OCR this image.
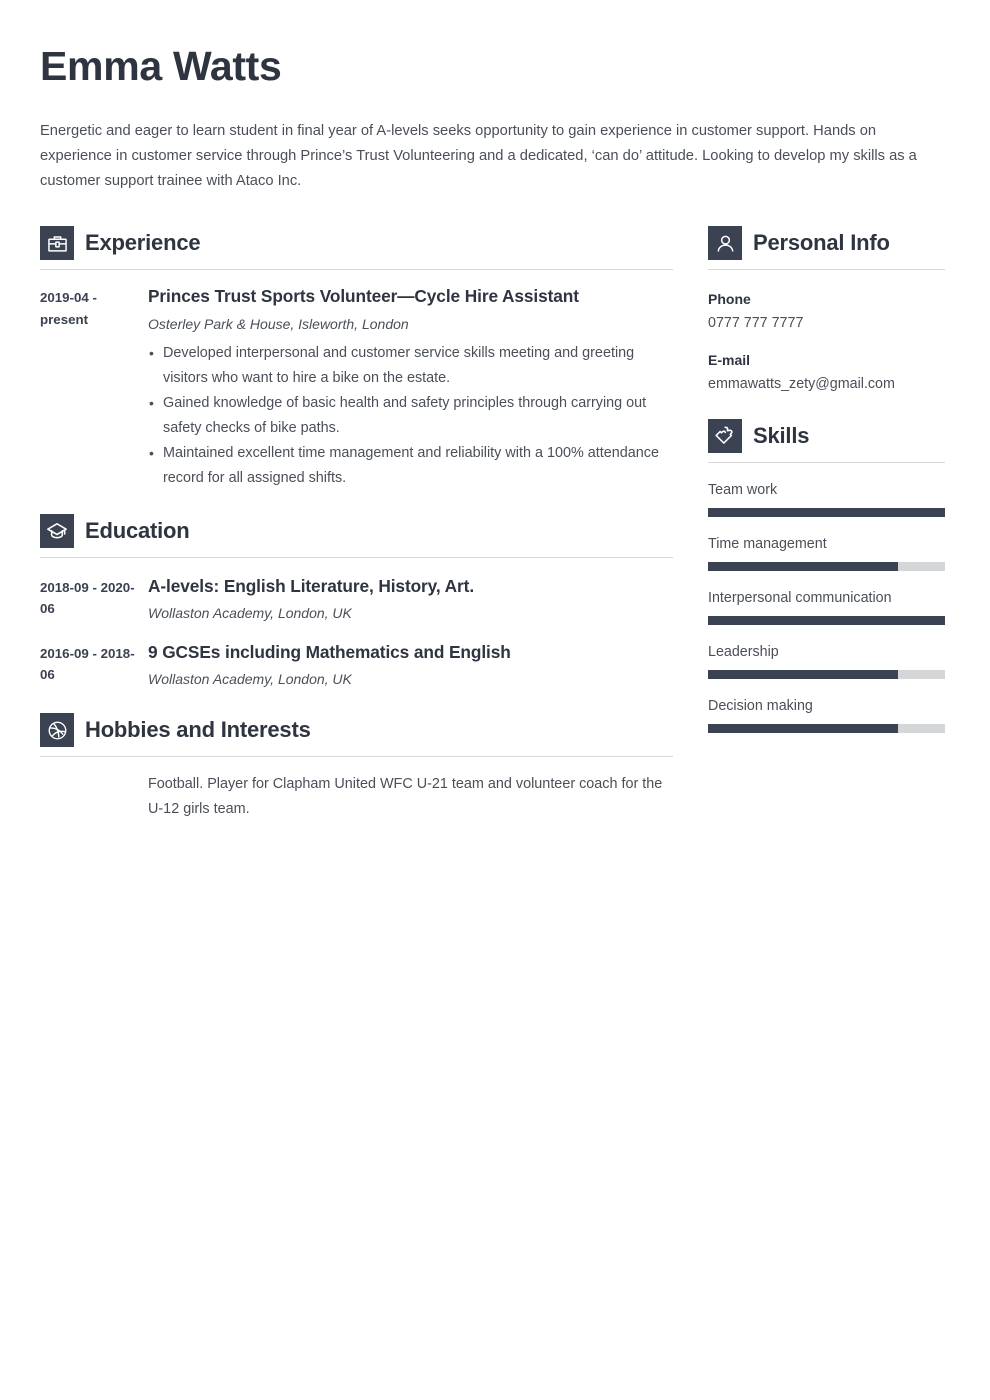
Emma Watts

Energetic and eager to learn student in final year of A-levels seeks opportunity to gain experience in customer support. Hands on experience in customer service through Prince’s Trust Volunteering and a dedicated, ‘can do’ attitude. Looking to develop my skills as a customer support trainee with Ataco Inc.

Experience
2019-04 - present
Princes Trust Sports Volunteer—Cycle Hire Assistant
Osterley Park & House, Isleworth, London
• Developed interpersonal and customer service skills meeting and greeting visitors who want to hire a bike on the estate.
• Gained knowledge of basic health and safety principles through carrying out safety checks of bike paths.
• Maintained excellent time management and reliability with a 100% attendance record for all assigned shifts.
Education
2018-09 - 2020-06
A-levels: English Literature, History, Art.
Wollaston Academy, London, UK
2016-09 - 2018-06
9 GCSEs including Mathematics and English
Wollaston Academy, London, UK
Hobbies and Interests

Football. Player for Clapham United WFC U-21 team and volunteer coach for the U-12 girls team.

Personal Info
Phone
0777 777 7777
E-mail
emmawatts_zety@gmail.com
Skills
Team work
Time management
Interpersonal communication
Leadership
Decision making
